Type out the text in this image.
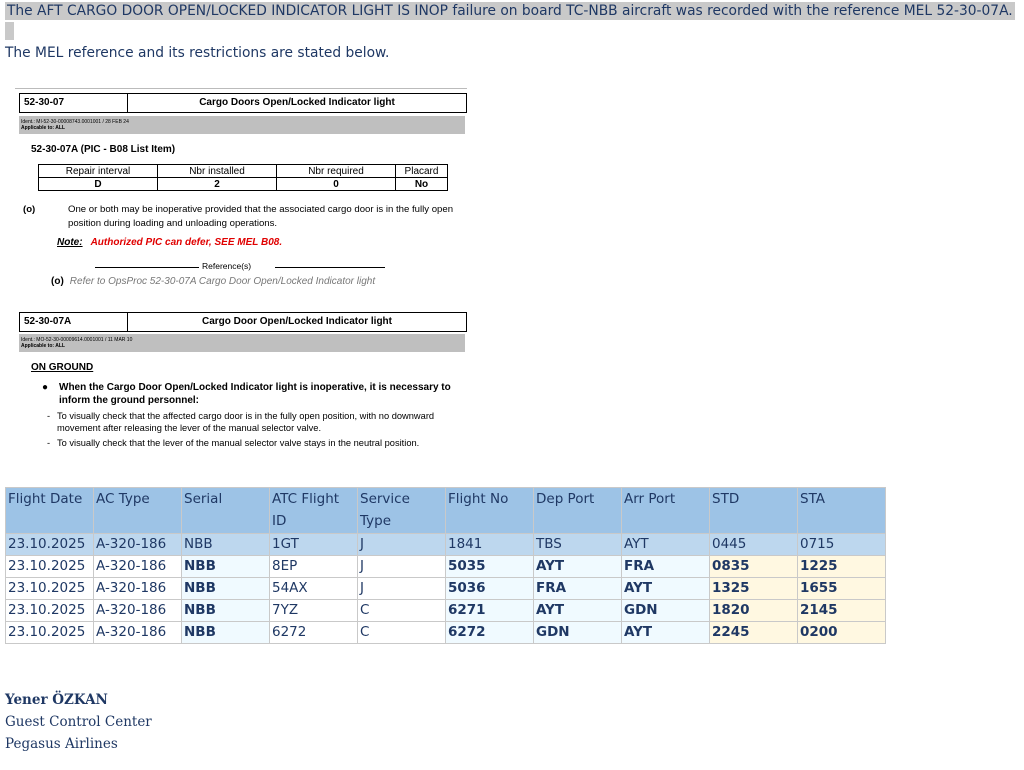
The AFT CARGO DOOR OPEN/LOCKED INDICATOR LIGHT IS INOP failure on board TC-NBB aircraft was recorded with the reference MEL 52-30-07A.
The MEL reference and its restrictions are stated below.
52-30-07	Cargo Doors Open/Locked Indicator light
Ident.: MI-52-30-00008743.0001001 / 28 FEB 24
Applicable to: ALL
52-30-07A (PIC - B08 List Item)
Repair interval	Nbr installed	Nbr required	Placard
D	2	0	No
(o)	One or both may be inoperative provided that the associated cargo door is in the fully open position during loading and unloading operations.
Note: Authorized PIC can defer, SEE MEL B08.
Reference(s)
(o) Refer to OpsProc 52-30-07A Cargo Door Open/Locked Indicator light
52-30-07A	Cargo Door Open/Locked Indicator light
Ident.: MO-52-30-00009614.0001001 / 11 MAR 10
Applicable to: ALL
ON GROUND
● When the Cargo Door Open/Locked Indicator light is inoperative, it is necessary to inform the ground personnel:
- To visually check that the affected cargo door is in the fully open position, with no downward movement after releasing the lever of the manual selector valve.
- To visually check that the lever of the manual selector valve stays in the neutral position.
Flight Date	AC Type	Serial	ATC Flight ID	Service Type	Flight No	Dep Port	Arr Port	STD	STA
23.10.2025	A-320-186	NBB	1GT	J	1841	TBS	AYT	0445	0715
23.10.2025	A-320-186	NBB	8EP	J	5035	AYT	FRA	0835	1225
23.10.2025	A-320-186	NBB	54AX	J	5036	FRA	AYT	1325	1655
23.10.2025	A-320-186	NBB	7YZ	C	6271	AYT	GDN	1820	2145
23.10.2025	A-320-186	NBB	6272	C	6272	GDN	AYT	2245	0200
Yener ÖZKAN
Guest Control Center
Pegasus Airlines
